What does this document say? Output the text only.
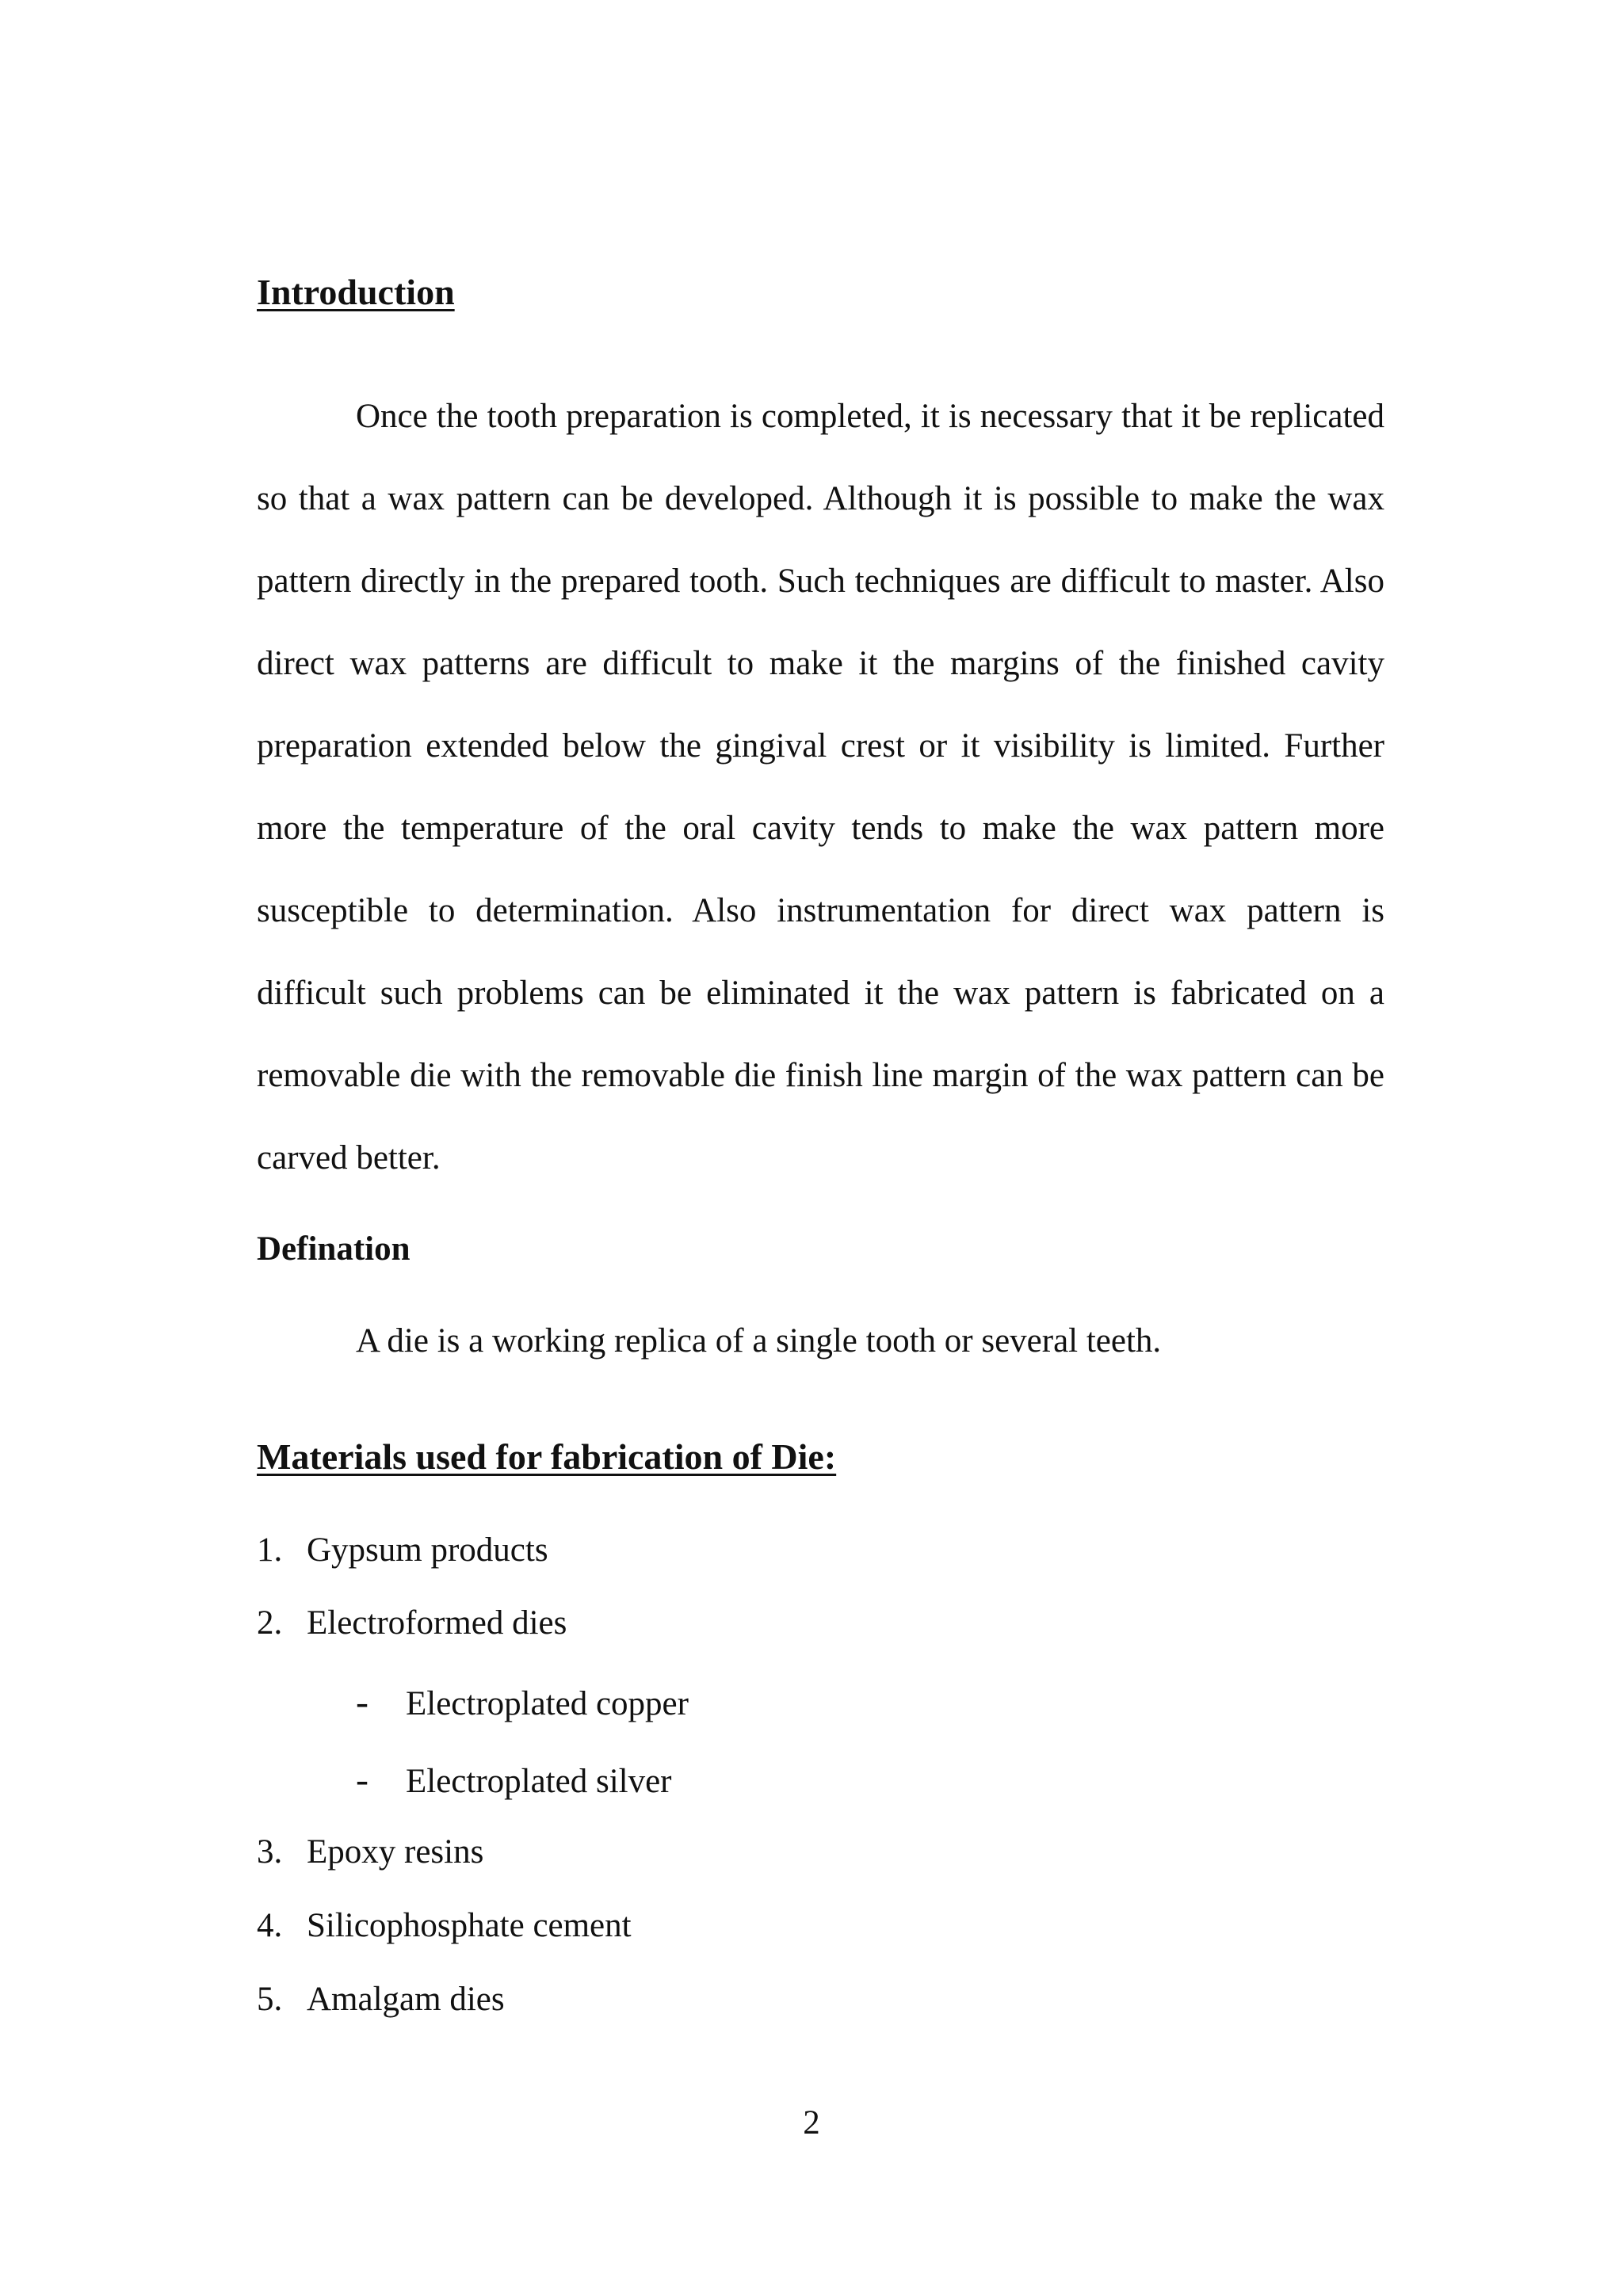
Introduction

Once the tooth preparation is completed, it is necessary that it be replicated so that a wax pattern can be developed. Although it is possible to make the wax pattern directly in the prepared tooth. Such techniques are difficult to master. Also direct wax patterns are difficult to make it the margins of the finished cavity preparation extended below the gingival crest or it visibility is limited. Further more the temperature of the oral cavity tends to make the wax pattern more susceptible to determination. Also instrumentation for direct wax pattern is difficult such problems can be eliminated it the wax pattern is fabricated on a removable die with the removable die finish line margin of the wax pattern can be carved better.

Defination
A die is a working replica of a single tooth or several teeth.
Materials used for fabrication of Die:
1. Gypsum products
2. Electroformed dies
- Electroplated copper
- Electroplated silver
3. Epoxy resins
4. Silicophosphate cement
5. Amalgam dies
2
